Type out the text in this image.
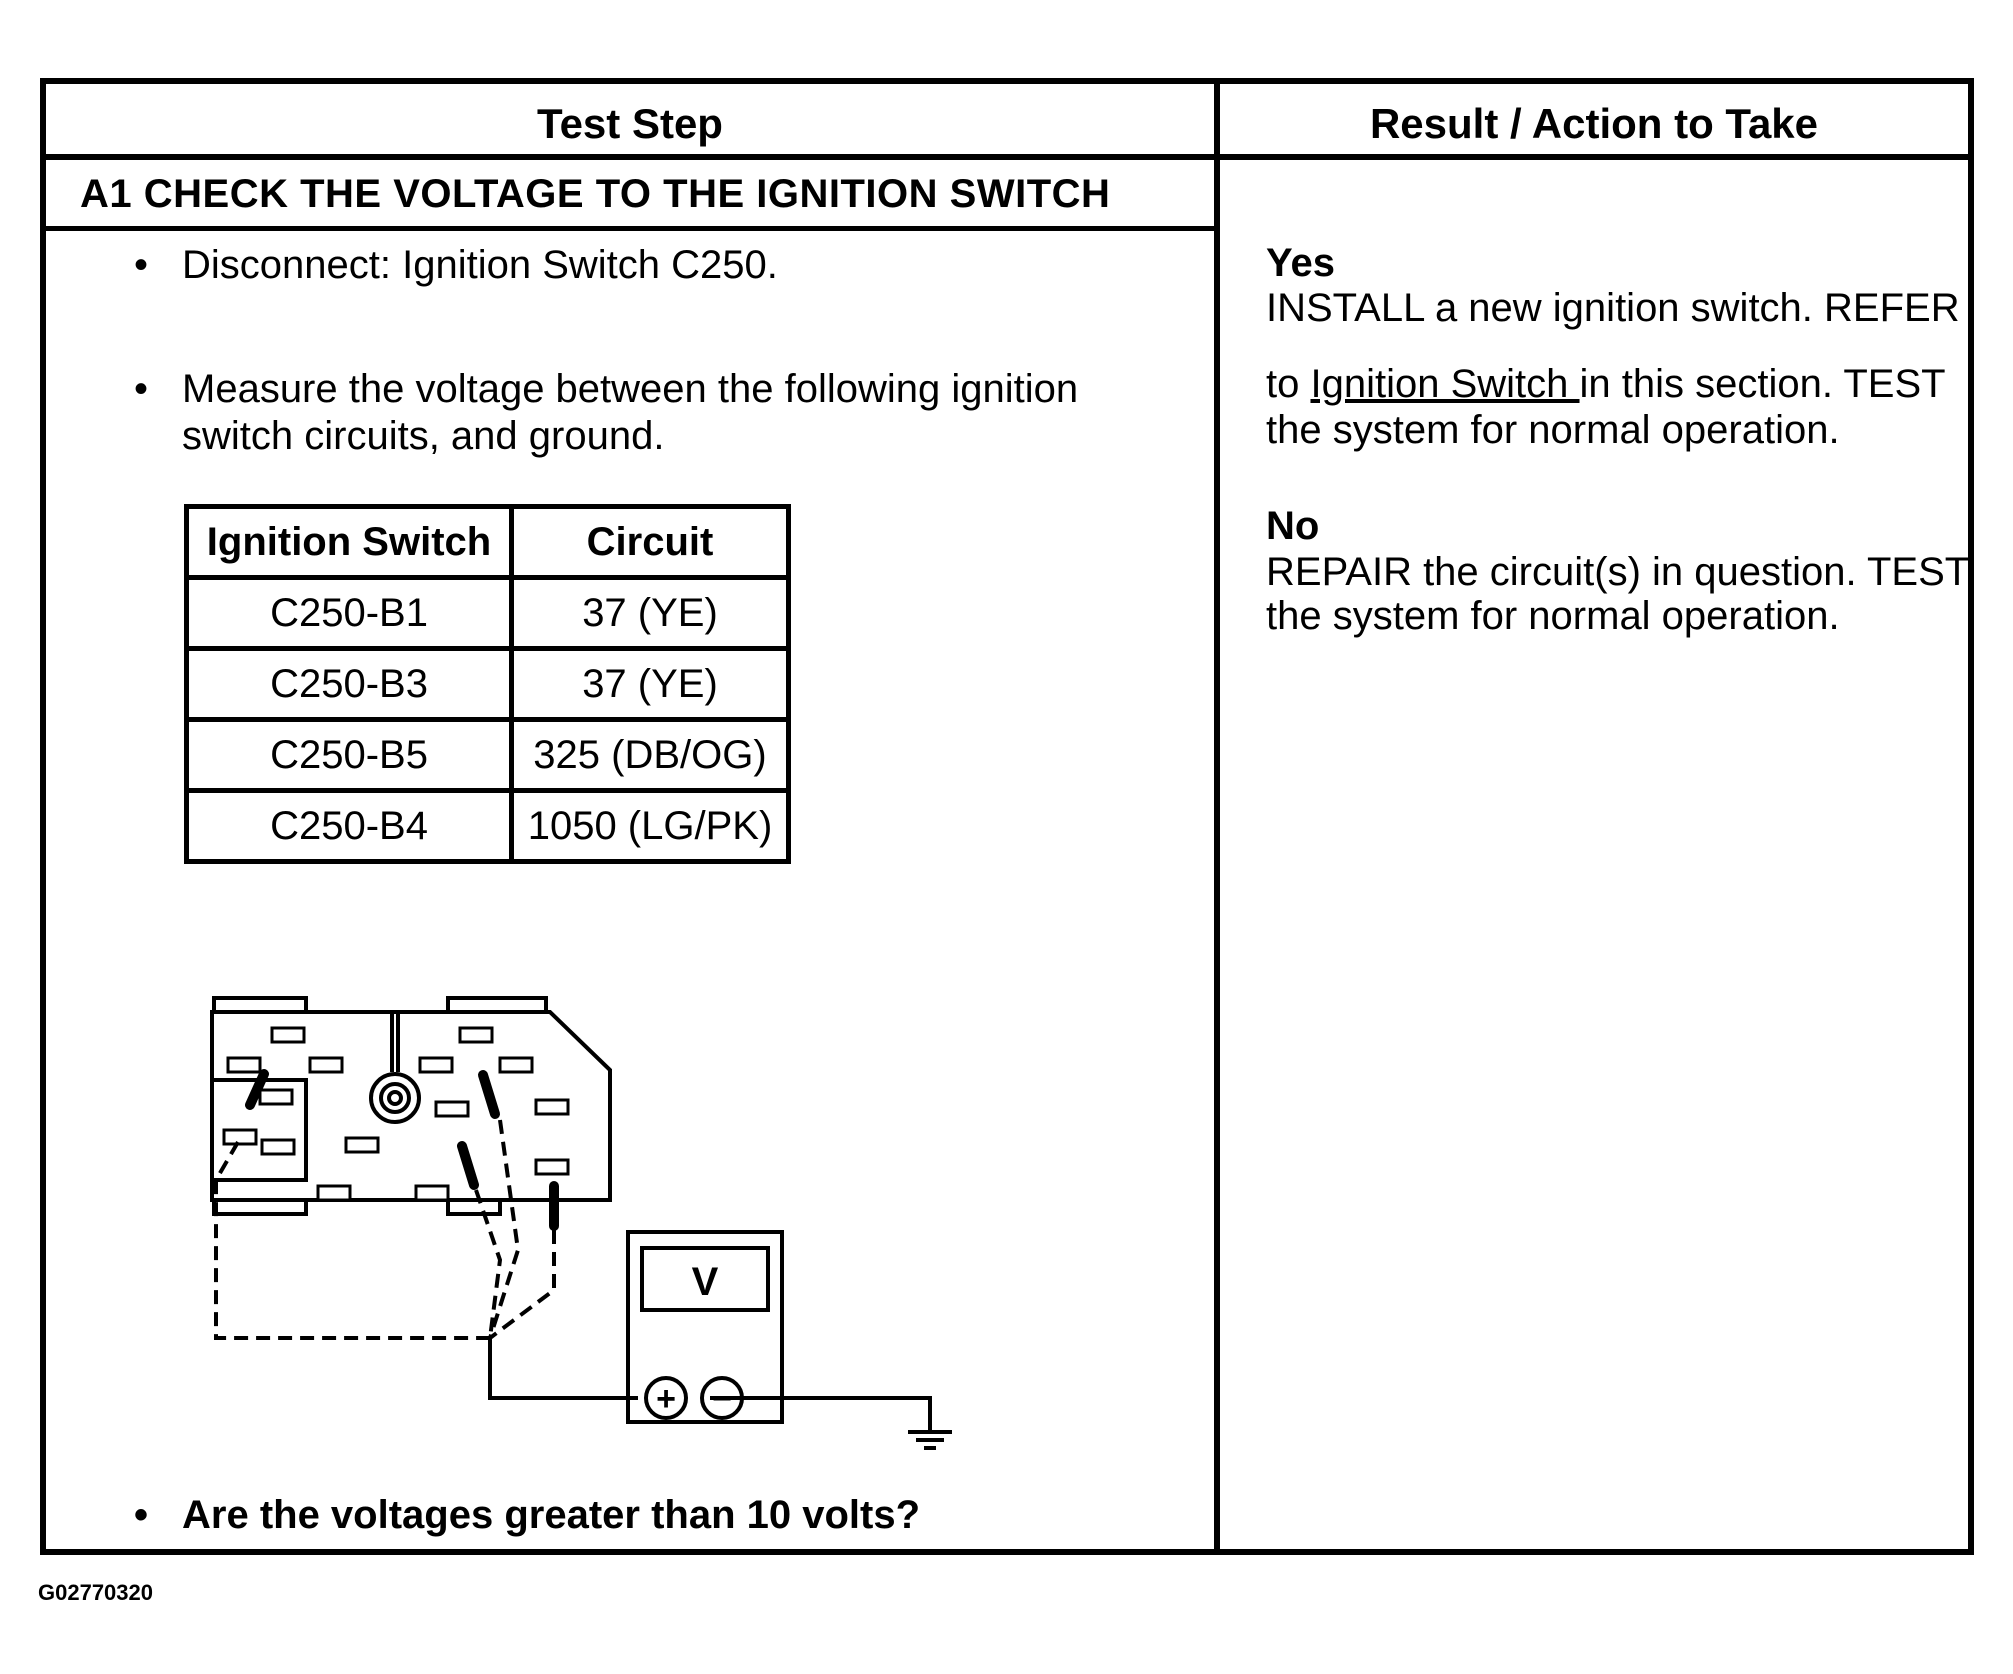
Test Step	Result / Action to Take
A1 CHECK THE VOLTAGE TO THE IGNITION SWITCH
• Disconnect: Ignition Switch C250.
• Measure the voltage between the following ignition
switch circuits, and ground.
Ignition Switch	Circuit
C250-B1	37 (YE)
C250-B3	37 (YE)
C250-B5	325 (DB/OG)
C250-B4	1050 (LG/PK)
• Are the voltages greater than 10 volts?
Yes
INSTALL a new ignition switch. REFER
to Ignition Switch in this section. TEST
the system for normal operation.
No
REPAIR the circuit(s) in question. TEST
the system for normal operation.
V
+ −
G02770320
